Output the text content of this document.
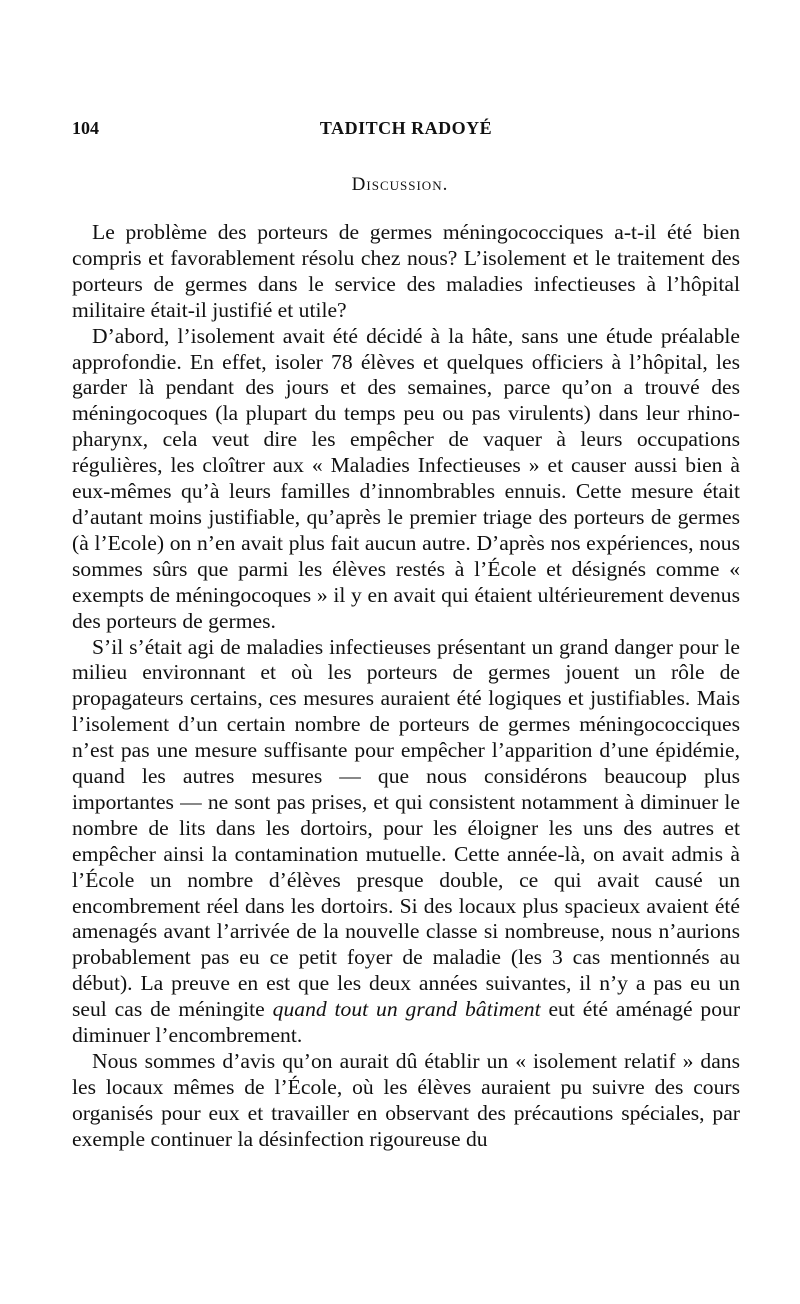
104	TADITCH RADOYÉ
Discussion.

Le problème des porteurs de germes méningococciques a-t-il été bien compris et favorablement résolu chez nous? L’isolement et le traitement des porteurs de germes dans le service des maladies infectieuses à l’hôpital militaire était-il justifié et utile?

D’abord, l’isolement avait été décidé à la hâte, sans une étude préalable approfondie. En effet, isoler 78 élèves et quelques officiers à l’hôpital, les garder là pendant des jours et des semaines, parce qu’on a trouvé des méningocoques (la plupart du temps peu ou pas virulents) dans leur rhino-pharynx, cela veut dire les empêcher de vaquer à leurs occupations régulières, les cloîtrer aux « Maladies Infectieuses » et causer aussi bien à eux-mêmes qu’à leurs familles d’innombrables ennuis. Cette mesure était d’autant moins justifiable, qu’après le premier triage des porteurs de germes (à l’Ecole) on n’en avait plus fait aucun autre. D’après nos expériences, nous sommes sûrs que parmi les élèves restés à l’École et désignés comme « exempts de méningocoques » il y en avait qui étaient ultérieurement devenus des porteurs de germes.

S’il s’était agi de maladies infectieuses présentant un grand danger pour le milieu environnant et où les porteurs de germes jouent un rôle de propagateurs certains, ces mesures auraient été logiques et justifiables. Mais l’isolement d’un certain nombre de porteurs de germes méningococciques n’est pas une mesure suffisante pour empêcher l’apparition d’une épidémie, quand les autres mesures — que nous considérons beaucoup plus importantes — ne sont pas prises, et qui consistent notamment à diminuer le nombre de lits dans les dortoirs, pour les éloigner les uns des autres et empêcher ainsi la contamination mutuelle. Cette année-là, on avait admis à l’École un nombre d’élèves presque double, ce qui avait causé un encombrement réel dans les dortoirs. Si des locaux plus spacieux avaient été amenagés avant l’arrivée de la nouvelle classe si nombreuse, nous n’aurions probablement pas eu ce petit foyer de maladie (les 3 cas mentionnés au début). La preuve en est que les deux années suivantes, il n’y a pas eu un seul cas de méningite quand tout un grand bâtiment eut été aménagé pour diminuer l’encombrement.

Nous sommes d’avis qu’on aurait dû établir un « isolement relatif » dans les locaux mêmes de l’École, où les élèves auraient pu suivre des cours organisés pour eux et travailler en observant des précautions spéciales, par exemple continuer la désinfection rigoureuse du
